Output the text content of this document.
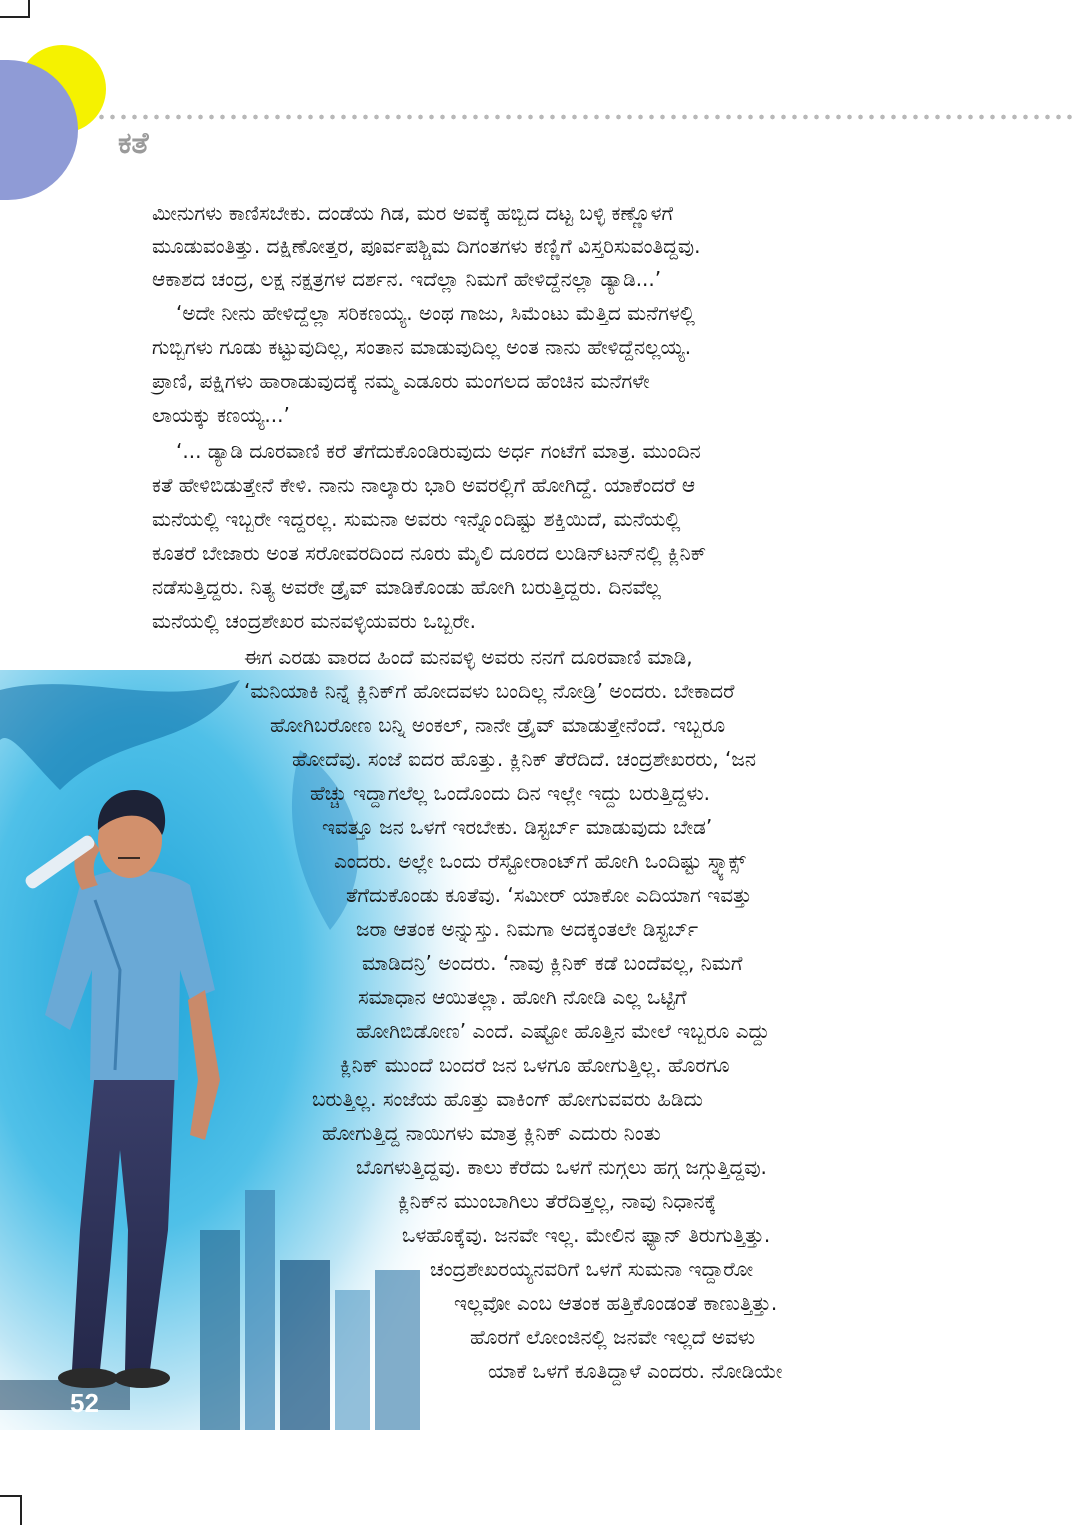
ಕತೆ
ಮೀನುಗಳು ಕಾಣಿಸಬೇಕು. ದಂಡೆಯ ಗಿಡ, ಮರ ಅವಕ್ಕೆ ಹಬ್ಬಿದ ದಟ್ಟ ಬಳ್ಳಿ ಕಣ್ಣೊಳಗೆ
ಮೂಡುವಂತಿತ್ತು. ದಕ್ಷಿಣೋತ್ತರ, ಪೂರ್ವಪಶ್ಚಿಮ ದಿಗಂತಗಳು ಕಣ್ಣಿಗೆ ವಿಸ್ತರಿಸುವಂತಿದ್ದವು.
ಆಕಾಶದ ಚಂದ್ರ, ಲಕ್ಷ ನಕ್ಷತ್ರಗಳ ದರ್ಶನ. ಇದೆಲ್ಲಾ ನಿಮಗೆ ಹೇಳಿದ್ದೆನಲ್ಲಾ ಡ್ಯಾಡಿ...’
‘ಅದೇ ನೀನು ಹೇಳಿದ್ದೆಲ್ಲಾ ಸರಿಕಣಯ್ಯ. ಅಂಥ ಗಾಜು, ಸಿಮೆಂಟು ಮೆತ್ತಿದ ಮನೆಗಳಲ್ಲಿ
ಗುಬ್ಬಿಗಳು ಗೂಡು ಕಟ್ಟುವುದಿಲ್ಲ, ಸಂತಾನ ಮಾಡುವುದಿಲ್ಲ ಅಂತ ನಾನು ಹೇಳಿದ್ದೆನಲ್ಲಯ್ಯ.
ಪ್ರಾಣಿ, ಪಕ್ಷಿಗಳು ಹಾರಾಡುವುದಕ್ಕೆ ನಮ್ಮ ಎಡೂರು ಮಂಗಲದ ಹೆಂಚಿನ ಮನೆಗಳೇ
ಲಾಯಕ್ಕು ಕಣಯ್ಯ...’
‘... ಡ್ಯಾಡಿ ದೂರವಾಣಿ ಕರೆ ತೆಗೆದುಕೊಂಡಿರುವುದು ಅರ್ಧ ಗಂಟೆಗೆ ಮಾತ್ರ. ಮುಂದಿನ
ಕತೆ ಹೇಳಿಬಿಡುತ್ತೇನೆ ಕೇಳಿ. ನಾನು ನಾಲ್ಕಾರು ಭಾರಿ ಅವರಲ್ಲಿಗೆ ಹೋಗಿದ್ದೆ. ಯಾಕೆಂದರೆ ಆ
ಮನೆಯಲ್ಲಿ ಇಬ್ಬರೇ ಇದ್ದರಲ್ಲ. ಸುಮನಾ ಅವರು ಇನ್ನೊಂದಿಷ್ಟು ಶಕ್ತಿಯಿದೆ, ಮನೆಯಲ್ಲಿ
ಕೂತರೆ ಬೇಜಾರು ಅಂತ ಸರೋವರದಿಂದ ನೂರು ಮೈಲಿ ದೂರದ ಲುಡಿನ್‌ಟನ್‌ನಲ್ಲಿ ಕ್ಲಿನಿಕ್
ನಡೆಸುತ್ತಿದ್ದರು. ನಿತ್ಯ ಅವರೇ ಡ್ರೈವ್ ಮಾಡಿಕೊಂಡು ಹೋಗಿ ಬರುತ್ತಿದ್ದರು. ದಿನವೆಲ್ಲ
ಮನೆಯಲ್ಲಿ ಚಂದ್ರಶೇಖರ ಮನವಳ್ಳಿಯವರು ಒಬ್ಬರೇ.
ಈಗ ಎರಡು ವಾರದ ಹಿಂದೆ ಮನವಳ್ಳಿ ಅವರು ನನಗೆ ದೂರವಾಣಿ ಮಾಡಿ,
‘ಮನಿಯಾಕಿ ನಿನ್ನೆ ಕ್ಲಿನಿಕ್‌ಗೆ ಹೋದವಳು ಬಂದಿಲ್ಲ ನೋಡ್ರಿ’ ಅಂದರು. ಬೇಕಾದರೆ
ಹೋಗಿಬರೋಣ ಬನ್ನಿ ಅಂಕಲ್, ನಾನೇ ಡ್ರೈವ್ ಮಾಡುತ್ತೇನೆಂದೆ. ಇಬ್ಬರೂ
ಹೋದೆವು. ಸಂಜೆ ಐದರ ಹೊತ್ತು. ಕ್ಲಿನಿಕ್ ತೆರೆದಿದೆ. ಚಂದ್ರಶೇಖರರು, ‘ಜನ
ಹೆಚ್ಚು ಇದ್ದಾಗಲೆಲ್ಲ ಒಂದೊಂದು ದಿನ ಇಲ್ಲೇ ಇದ್ದು ಬರುತ್ತಿದ್ದಳು.
ಇವತ್ತೂ ಜನ ಒಳಗೆ ಇರಬೇಕು. ಡಿಸ್ಟರ್ಬ್ ಮಾಡುವುದು ಬೇಡ’
ಎಂದರು. ಅಲ್ಲೇ ಒಂದು ರೆಸ್ಟೋರಾಂಟ್‌ಗೆ ಹೋಗಿ ಒಂದಿಷ್ಟು ಸ್ನ್ಯಾಕ್ಸ್
ತೆಗೆದುಕೊಂಡು ಕೂತೆವು. ‘ಸಮೀರ್ ಯಾಕೋ ಎದಿಯಾಗ ಇವತ್ತು
ಜರಾ ಆತಂಕ ಅನ್ನುಸ್ತು. ನಿಮಗಾ ಅದಕ್ಕಂತಲೇ ಡಿಸ್ಟರ್ಬ್
ಮಾಡಿದನ್ರಿ’ ಅಂದರು. ‘ನಾವು ಕ್ಲಿನಿಕ್ ಕಡೆ ಬಂದೆವಲ್ಲ, ನಿಮಗೆ
ಸಮಾಧಾನ ಆಯಿತಲ್ಲಾ. ಹೋಗಿ ನೋಡಿ ಎಲ್ಲ ಒಟ್ಟಿಗೆ
ಹೋಗಿಬಿಡೋಣ’ ಎಂದೆ. ಎಷ್ಟೋ ಹೊತ್ತಿನ ಮೇಲೆ ಇಬ್ಬರೂ ಎದ್ದು
ಕ್ಲಿನಿಕ್ ಮುಂದೆ ಬಂದರೆ ಜನ ಒಳಗೂ ಹೋಗುತ್ತಿಲ್ಲ. ಹೊರಗೂ
ಬರುತ್ತಿಲ್ಲ. ಸಂಜೆಯ ಹೊತ್ತು ವಾಕಿಂಗ್ ಹೋಗುವವರು ಹಿಡಿದು
ಹೋಗುತ್ತಿದ್ದ ನಾಯಿಗಳು ಮಾತ್ರ ಕ್ಲಿನಿಕ್ ಎದುರು ನಿಂತು
ಬೊಗಳುತ್ತಿದ್ದವು. ಕಾಲು ಕೆರೆದು ಒಳಗೆ ನುಗ್ಗಲು ಹಗ್ಗ ಜಗ್ಗುತ್ತಿದ್ದವು.
ಕ್ಲಿನಿಕ್‌ನ ಮುಂಬಾಗಿಲು ತೆರೆದಿತ್ತಲ್ಲ, ನಾವು ನಿಧಾನಕ್ಕೆ
ಒಳಹೊಕ್ಕೆವು. ಜನವೇ ಇಲ್ಲ. ಮೇಲಿನ ಫ್ಯಾನ್ ತಿರುಗುತ್ತಿತ್ತು.
ಚಂದ್ರಶೇಖರಯ್ಯನವರಿಗೆ ಒಳಗೆ ಸುಮನಾ ಇದ್ದಾರೋ
ಇಲ್ಲವೋ ಎಂಬ ಆತಂಕ ಹತ್ತಿಕೊಂಡಂತೆ ಕಾಣುತ್ತಿತ್ತು.
ಹೊರಗೆ ಲೋಂಜಿನಲ್ಲಿ ಜನವೇ ಇಲ್ಲದೆ ಅವಳು
ಯಾಕೆ ಒಳಗೆ ಕೂತಿದ್ದಾಳೆ ಎಂದರು. ನೋಡಿಯೇ
52
